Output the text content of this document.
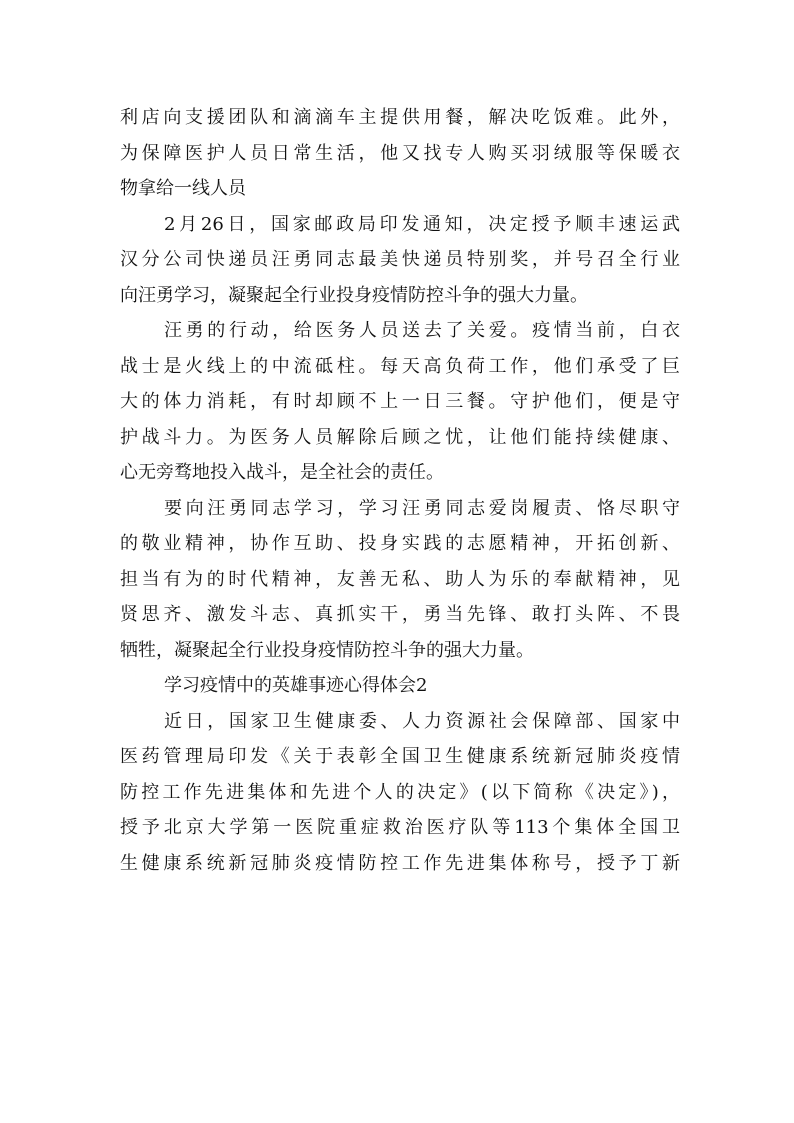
利店向支援团队和滴滴车主提供用餐，解决吃饭难。此外，
为保障医护人员日常生活，他又找专人购买羽绒服等保暖衣
物拿给一线人员
2月26日，国家邮政局印发通知，决定授予顺丰速运武
汉分公司快递员汪勇同志最美快递员特别奖，并号召全行业
向汪勇学习，凝聚起全行业投身疫情防控斗争的强大力量。
汪勇的行动，给医务人员送去了关爱。疫情当前，白衣
战士是火线上的中流砥柱。每天高负荷工作，他们承受了巨
大的体力消耗，有时却顾不上一日三餐。守护他们，便是守
护战斗力。为医务人员解除后顾之忧，让他们能持续健康、
心无旁骛地投入战斗，是全社会的责任。
要向汪勇同志学习，学习汪勇同志爱岗履责、恪尽职守
的敬业精神，协作互助、投身实践的志愿精神，开拓创新、
担当有为的时代精神，友善无私、助人为乐的奉献精神，见
贤思齐、激发斗志、真抓实干，勇当先锋、敢打头阵、不畏
牺牲，凝聚起全行业投身疫情防控斗争的强大力量。
学习疫情中的英雄事迹心得体会2
近日，国家卫生健康委、人力资源社会保障部、国家中
医药管理局印发《关于表彰全国卫生健康系统新冠肺炎疫情
防控工作先进集体和先进个人的决定》(以下简称《决定》)，
授予北京大学第一医院重症救治医疗队等113个集体全国卫
生健康系统新冠肺炎疫情防控工作先进集体称号，授予丁新
